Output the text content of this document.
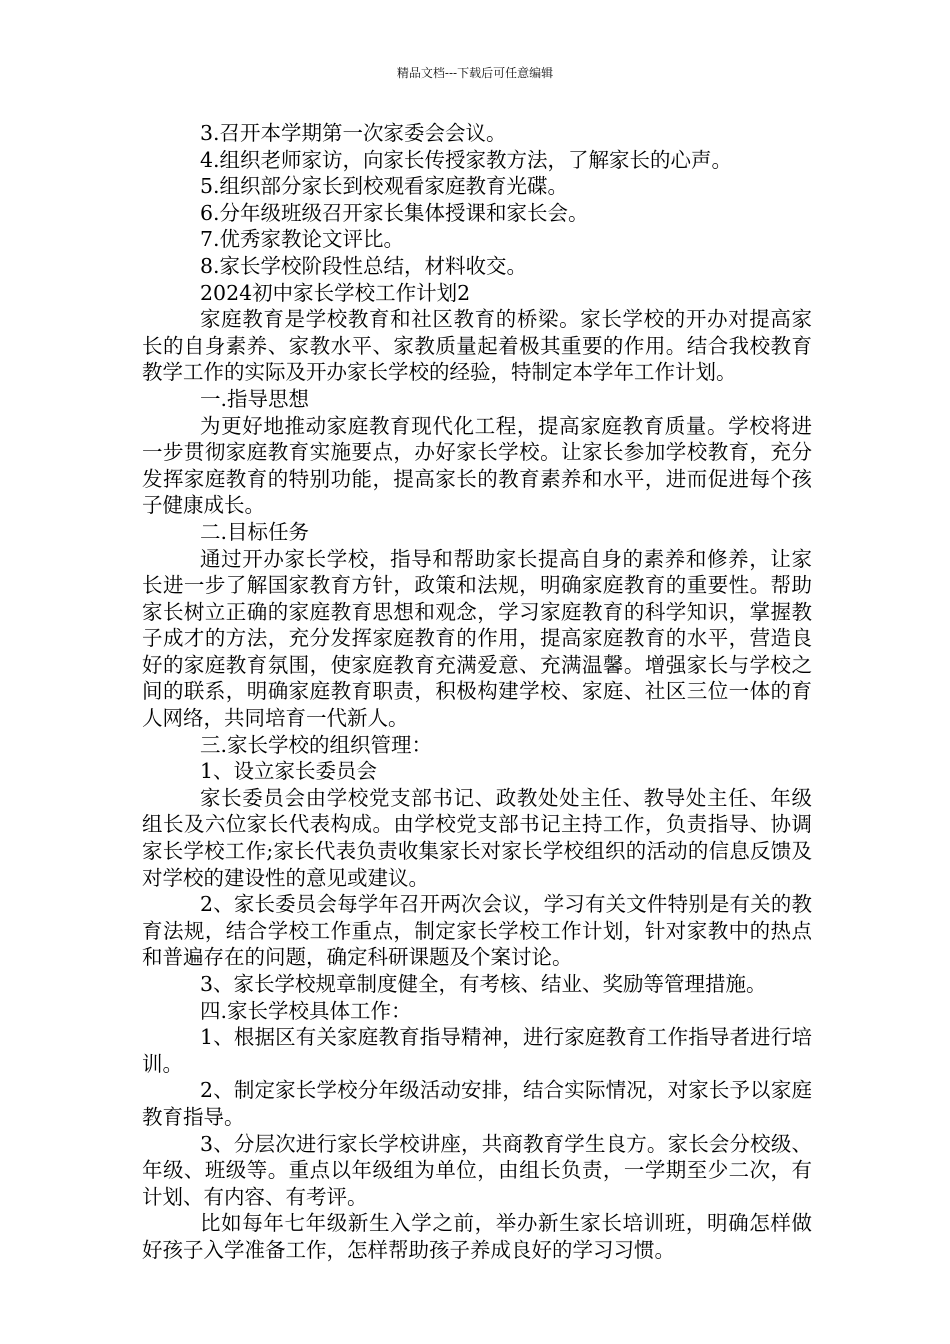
精品文档---下载后可任意编辑

3.召开本学期第一次家委会会议。

4.组织老师家访，向家长传授家教方法，了解家长的心声。

5.组织部分家长到校观看家庭教育光碟。

6.分年级班级召开家长集体授课和家长会。

7.优秀家教论文评比。

8.家长学校阶段性总结，材料收交。

2024初中家长学校工作计划2

家庭教育是学校教育和社区教育的桥梁。家长学校的开办对提高家长的自身素养、家教水平、家教质量起着极其重要的作用。结合我校教育教学工作的实际及开办家长学校的经验，特制定本学年工作计划。

一.指导思想

为更好地推动家庭教育现代化工程，提高家庭教育质量。学校将进一步贯彻家庭教育实施要点，办好家长学校。让家长参加学校教育，充分发挥家庭教育的特别功能，提高家长的教育素养和水平，进而促进每个孩子健康成长。

二.目标任务

通过开办家长学校，指导和帮助家长提高自身的素养和修养，让家长进一步了解国家教育方针，政策和法规，明确家庭教育的重要性。帮助家长树立正确的家庭教育思想和观念，学习家庭教育的科学知识，掌握教子成才的方法，充分发挥家庭教育的作用，提高家庭教育的水平，营造良好的家庭教育氛围，使家庭教育充满爱意、充满温馨。增强家长与学校之间的联系，明确家庭教育职责，积极构建学校、家庭、社区三位一体的育人网络，共同培育一代新人。

三.家长学校的组织管理：

1、设立家长委员会

家长委员会由学校党支部书记、政教处处主任、教导处主任、年级组长及六位家长代表构成。由学校党支部书记主持工作，负责指导、协调家长学校工作;家长代表负责收集家长对家长学校组织的活动的信息反馈及对学校的建设性的意见或建议。

2、家长委员会每学年召开两次会议，学习有关文件特别是有关的教育法规，结合学校工作重点，制定家长学校工作计划，针对家教中的热点和普遍存在的问题，确定科研课题及个案讨论。

3、家长学校规章制度健全，有考核、结业、奖励等管理措施。

四.家长学校具体工作：

1、根据区有关家庭教育指导精神，进行家庭教育工作指导者进行培训。

2、制定家长学校分年级活动安排，结合实际情况，对家长予以家庭教育指导。

3、分层次进行家长学校讲座，共商教育学生良方。家长会分校级、年级、班级等。重点以年级组为单位，由组长负责，一学期至少二次，有计划、有内容、有考评。

比如每年七年级新生入学之前，举办新生家长培训班，明确怎样做好孩子入学准备工作，怎样帮助孩子养成良好的学习习惯。
